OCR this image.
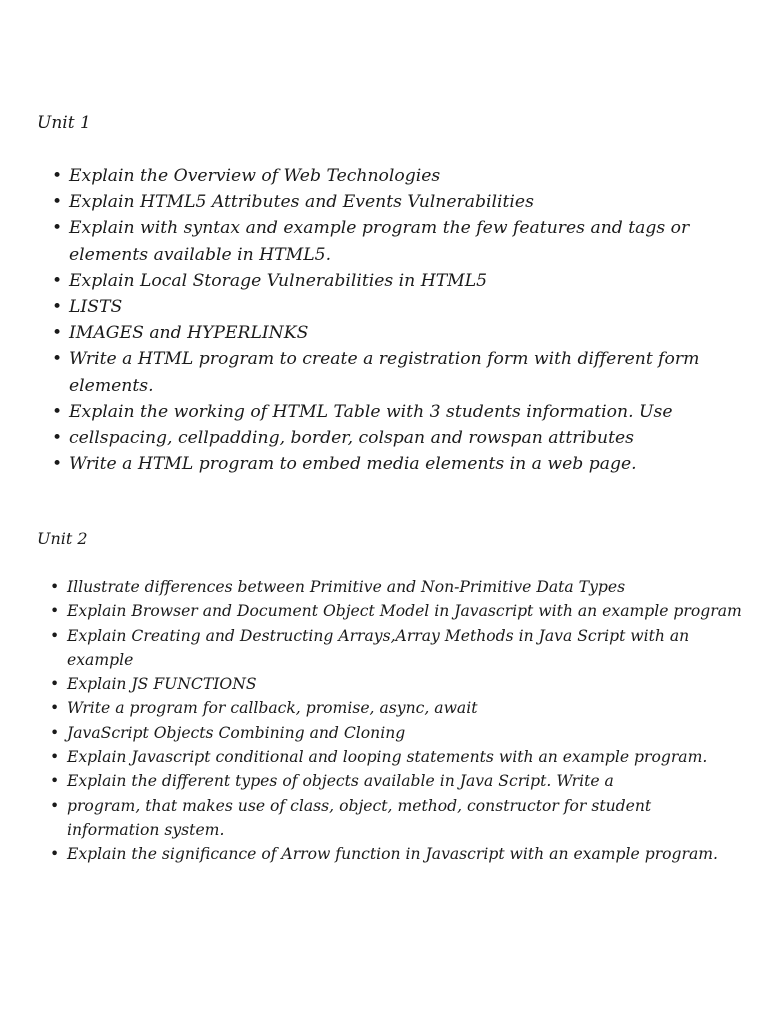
Unit 1
• Explain the Overview of Web Technologies
• Explain HTML5 Attributes and Events Vulnerabilities
• Explain with syntax and example program the few features and tags or elements available in HTML5.
• Explain Local Storage Vulnerabilities in HTML5
• LISTS
• IMAGES and HYPERLINKS
• Write a HTML program to create a registration form with different form elements.
• Explain the working of HTML Table with 3 students information. Use
• cellspacing, cellpadding, border, colspan and rowspan attributes
• Write a HTML program to embed media elements in a web page.
Unit 2
• Illustrate differences between Primitive and Non-Primitive Data Types
• Explain Browser and Document Object Model in Javascript with an example program
• Explain Creating and Destructing Arrays,Array Methods in Java Script with an example
• Explain JS FUNCTIONS
• Write a program for callback, promise, async, await
• JavaScript Objects Combining and Cloning
• Explain Javascript conditional and looping statements with an example program.
• Explain the different types of objects available in Java Script. Write a
• program, that makes use of class, object, method, constructor for student information system.
• Explain the significance of Arrow function in Javascript with an example program.
